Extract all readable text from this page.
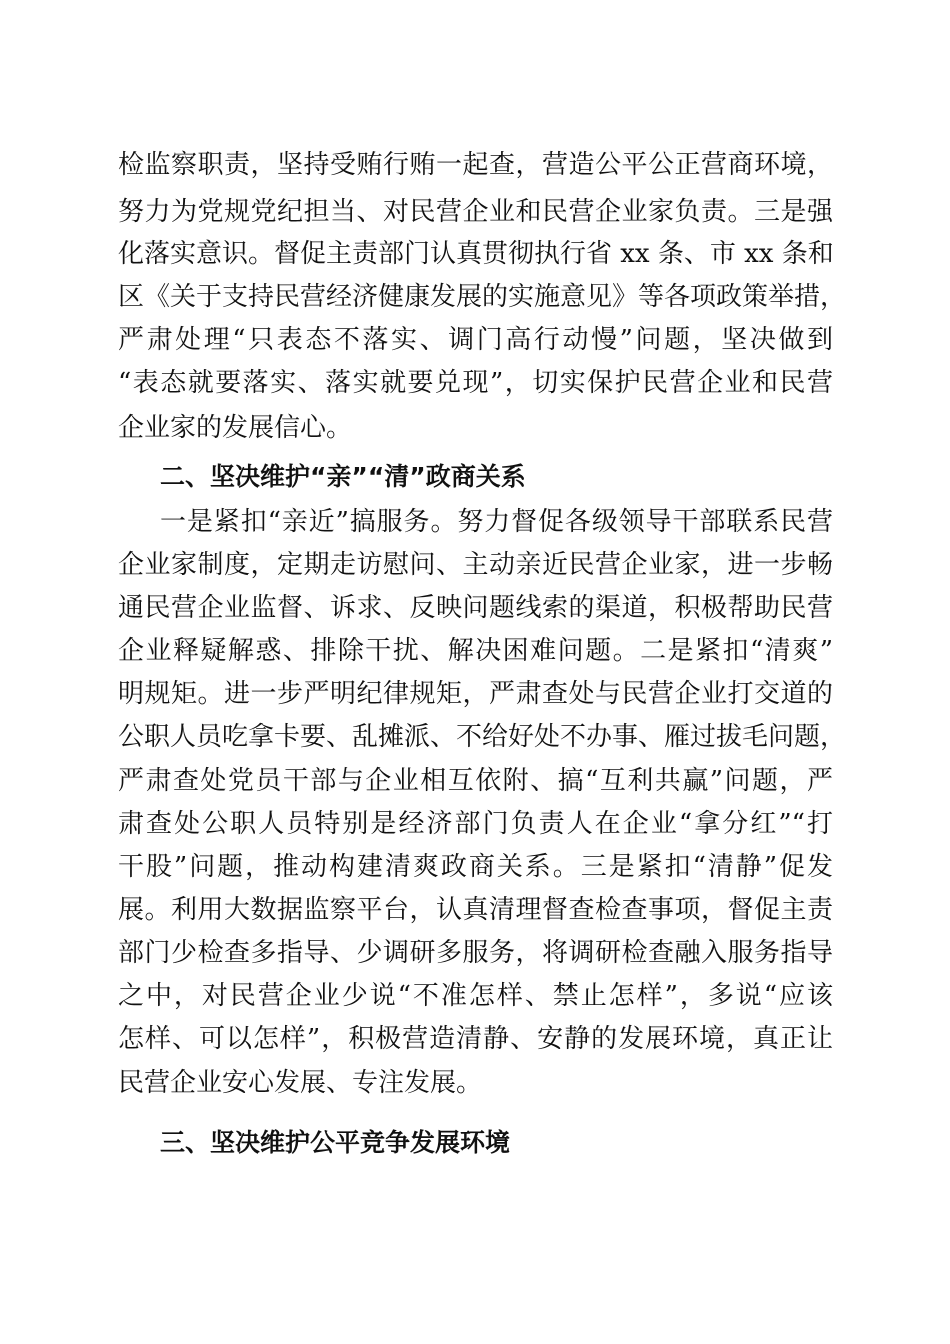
检监察职责，坚持受贿行贿一起查，营造公平公正营商环境，
努力为党规党纪担当、对民营企业和民营企业家负责。三是强
化落实意识。督促主责部门认真贯彻执行省 xx 条、市 xx 条和
区《关于支持民营经济健康发展的实施意见》等各项政策举措，
严肃处理“只表态不落实、调门高行动慢”问题，坚决做到
“表态就要落实、落实就要兑现”，切实保护民营企业和民营
企业家的发展信心。
二、坚决维护“亲”“清”政商关系
一是紧扣“亲近”搞服务。努力督促各级领导干部联系民营
企业家制度，定期走访慰问、主动亲近民营企业家，进一步畅
通民营企业监督、诉求、反映问题线索的渠道，积极帮助民营
企业释疑解惑、排除干扰、解决困难问题。二是紧扣“清爽”
明规矩。进一步严明纪律规矩，严肃查处与民营企业打交道的
公职人员吃拿卡要、乱摊派、不给好处不办事、雁过拔毛问题，
严肃查处党员干部与企业相互依附、搞“互利共赢”问题，严
肃查处公职人员特别是经济部门负责人在企业“拿分红”“打
干股”问题，推动构建清爽政商关系。三是紧扣“清静”促发
展。利用大数据监察平台，认真清理督查检查事项，督促主责
部门少检查多指导、少调研多服务，将调研检查融入服务指导
之中，对民营企业少说“不准怎样、禁止怎样”，多说“应该
怎样、可以怎样”，积极营造清静、安静的发展环境，真正让
民营企业安心发展、专注发展。
三、坚决维护公平竞争发展环境
